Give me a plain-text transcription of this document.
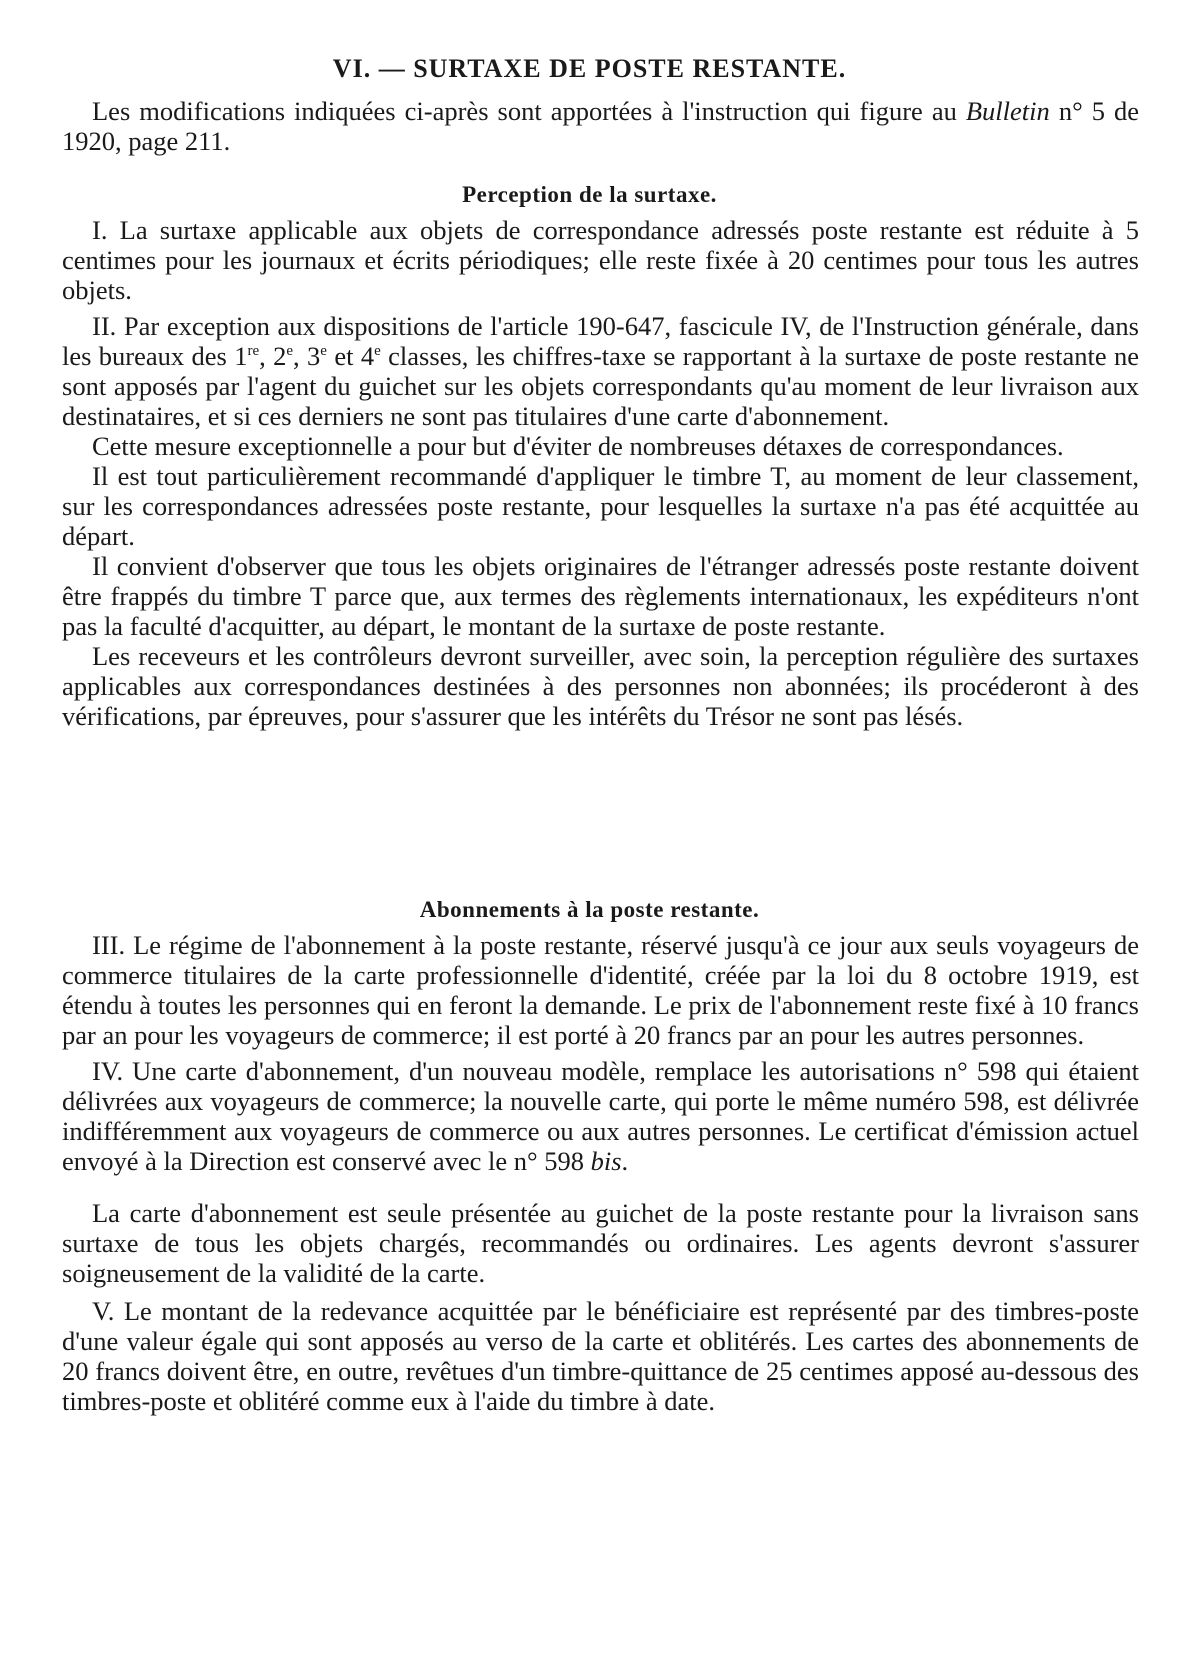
VI. — SURTAXE DE POSTE RESTANTE.

Les modifications indiquées ci-après sont apportées à l'instruction qui figure au Bulletin n° 5 de 1920, page 211.

Perception de la surtaxe.

I. La surtaxe applicable aux objets de correspondance adressés poste restante est réduite à 5 centimes pour les journaux et écrits périodiques; elle reste fixée à 20 centimes pour tous les autres objets.

II. Par exception aux dispositions de l'article 190-647, fascicule IV, de l'Instruction générale, dans les bureaux des 1re, 2e, 3e et 4e classes, les chiffres-taxe se rapportant à la surtaxe de poste restante ne sont apposés par l'agent du guichet sur les objets correspondants qu'au moment de leur livraison aux destinataires, et si ces derniers ne sont pas titulaires d'une carte d'abonnement.

Cette mesure exceptionnelle a pour but d'éviter de nombreuses détaxes de correspondances.

Il est tout particulièrement recommandé d'appliquer le timbre T, au moment de leur classement, sur les correspondances adressées poste restante, pour lesquelles la surtaxe n'a pas été acquittée au départ.

Il convient d'observer que tous les objets originaires de l'étranger adressés poste restante doivent être frappés du timbre T parce que, aux termes des règlements internationaux, les expéditeurs n'ont pas la faculté d'acquitter, au départ, le montant de la surtaxe de poste restante.

Les receveurs et les contrôleurs devront surveiller, avec soin, la perception régulière des surtaxes applicables aux correspondances destinées à des personnes non abonnées; ils procéderont à des vérifications, par épreuves, pour s'assurer que les intérêts du Trésor ne sont pas lésés.

Abonnements à la poste restante.

III. Le régime de l'abonnement à la poste restante, réservé jusqu'à ce jour aux seuls voyageurs de commerce titulaires de la carte professionnelle d'identité, créée par la loi du 8 octobre 1919, est étendu à toutes les personnes qui en feront la demande. Le prix de l'abonnement reste fixé à 10 francs par an pour les voyageurs de commerce; il est porté à 20 francs par an pour les autres personnes.

IV. Une carte d'abonnement, d'un nouveau modèle, remplace les autorisations n° 598 qui étaient délivrées aux voyageurs de commerce; la nouvelle carte, qui porte le même numéro 598, est délivrée indifféremment aux voyageurs de commerce ou aux autres personnes. Le certificat d'émission actuel envoyé à la Direction est conservé avec le n° 598 bis.

La carte d'abonnement est seule présentée au guichet de la poste restante pour la livraison sans surtaxe de tous les objets chargés, recommandés ou ordinaires. Les agents devront s'assurer soigneusement de la validité de la carte.

V. Le montant de la redevance acquittée par le bénéficiaire est représenté par des timbres-poste d'une valeur égale qui sont apposés au verso de la carte et oblitérés. Les cartes des abonnements de 20 francs doivent être, en outre, revêtues d'un timbre-quittance de 25 centimes apposé au-dessous des timbres-poste et oblitéré comme eux à l'aide du timbre à date.
